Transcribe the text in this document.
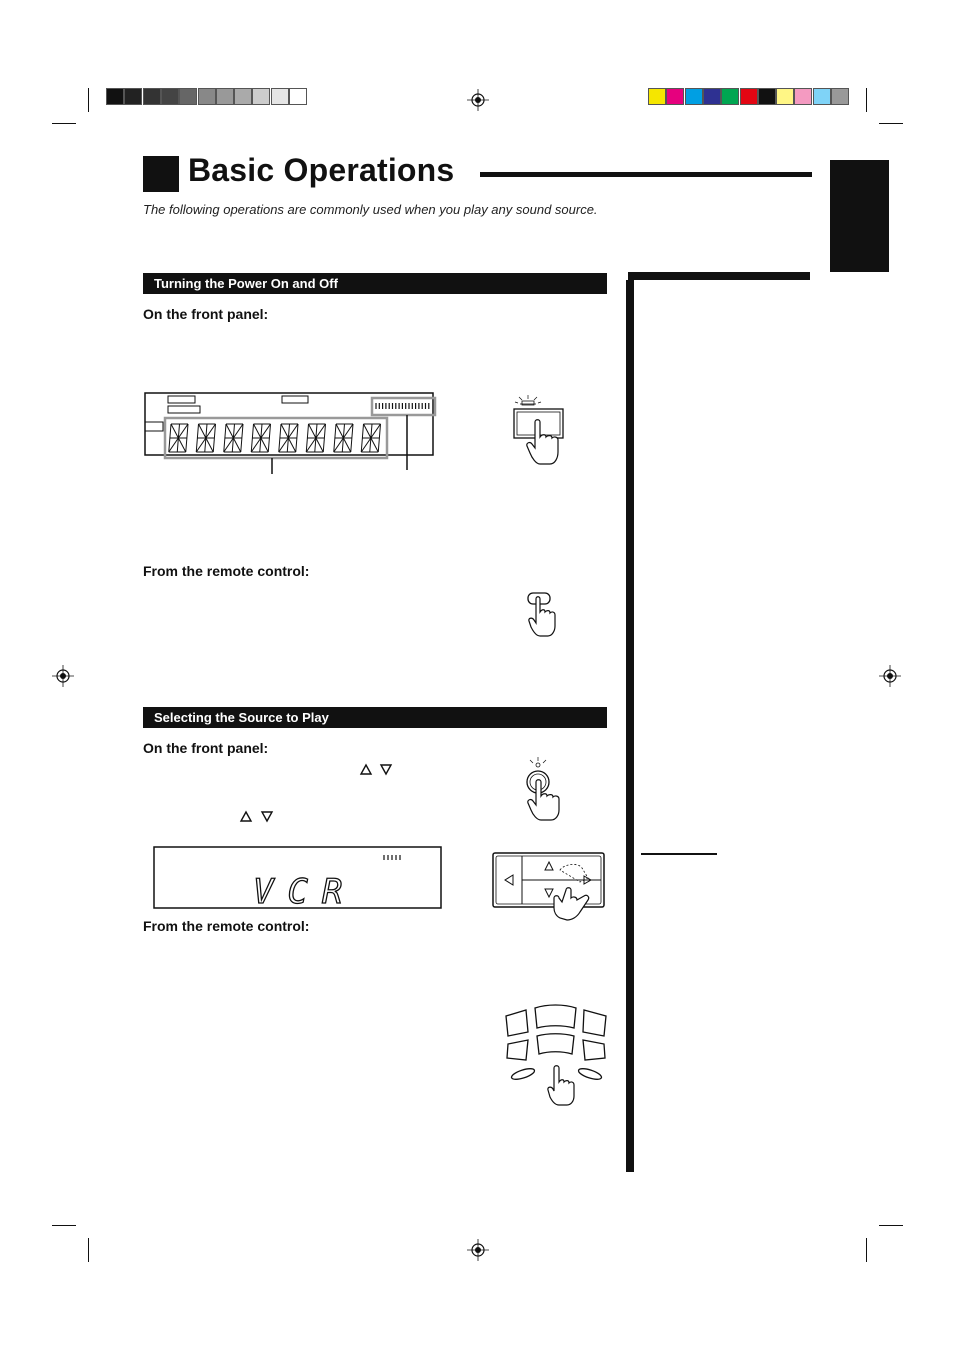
Basic Operations

The following operations are commonly used when you play any sound source.

Turning the Power On and Off

On the front panel:

From the remote control:

Selecting the Source to Play

On the front panel:

VCR

From the remote control:
